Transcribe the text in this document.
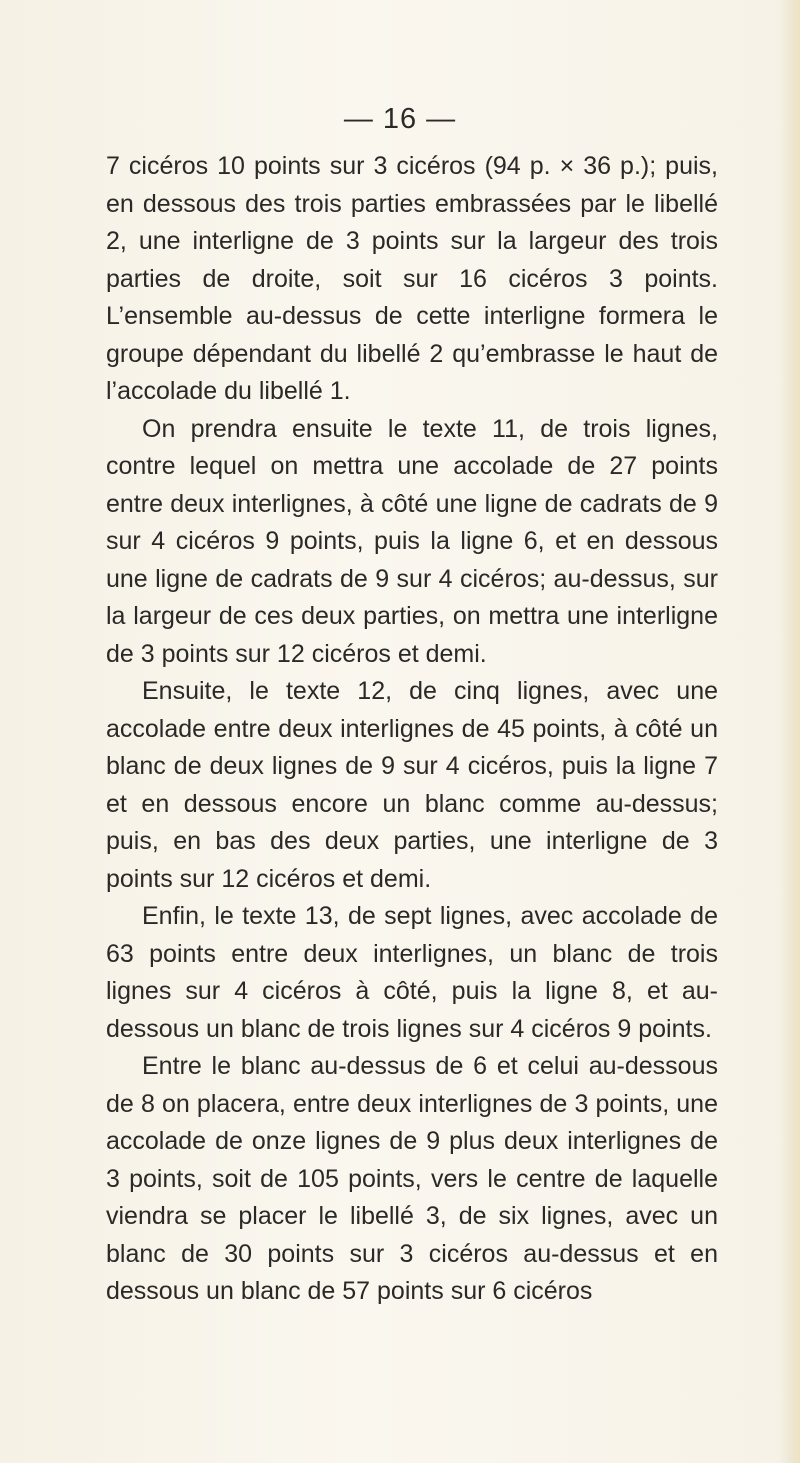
— 16 —

7 cicéros 10 points sur 3 cicéros (94 p. × 36 p.); puis, en dessous des trois parties embrassées par le libellé 2, une interligne de 3 points sur la largeur des trois parties de droite, soit sur 16 cicéros 3 points. L’ensemble au-dessus de cette interligne formera le groupe dépendant du libellé 2 qu’embrasse le haut de l’accolade du libellé 1.

On prendra ensuite le texte 11, de trois lignes, contre lequel on mettra une accolade de 27 points entre deux interlignes, à côté une ligne de cadrats de 9 sur 4 cicéros 9 points, puis la ligne 6, et en dessous une ligne de cadrats de 9 sur 4 cicéros; au-dessus, sur la largeur de ces deux parties, on mettra une interligne de 3 points sur 12 cicéros et demi.

Ensuite, le texte 12, de cinq lignes, avec une accolade entre deux interlignes de 45 points, à côté un blanc de deux lignes de 9 sur 4 cicéros, puis la ligne 7 et en dessous encore un blanc comme au-dessus; puis, en bas des deux parties, une interligne de 3 points sur 12 cicéros et demi.

Enfin, le texte 13, de sept lignes, avec accolade de 63 points entre deux interlignes, un blanc de trois lignes sur 4 cicéros à côté, puis la ligne 8, et au-dessous un blanc de trois lignes sur 4 cicéros 9 points.

Entre le blanc au-dessus de 6 et celui au-dessous de 8 on placera, entre deux interlignes de 3 points, une accolade de onze lignes de 9 plus deux interlignes de 3 points, soit de 105 points, vers le centre de laquelle viendra se placer le libellé 3, de six lignes, avec un blanc de 30 points sur 3 cicéros au-dessus et en dessous un blanc de 57 points sur 6 cicéros
